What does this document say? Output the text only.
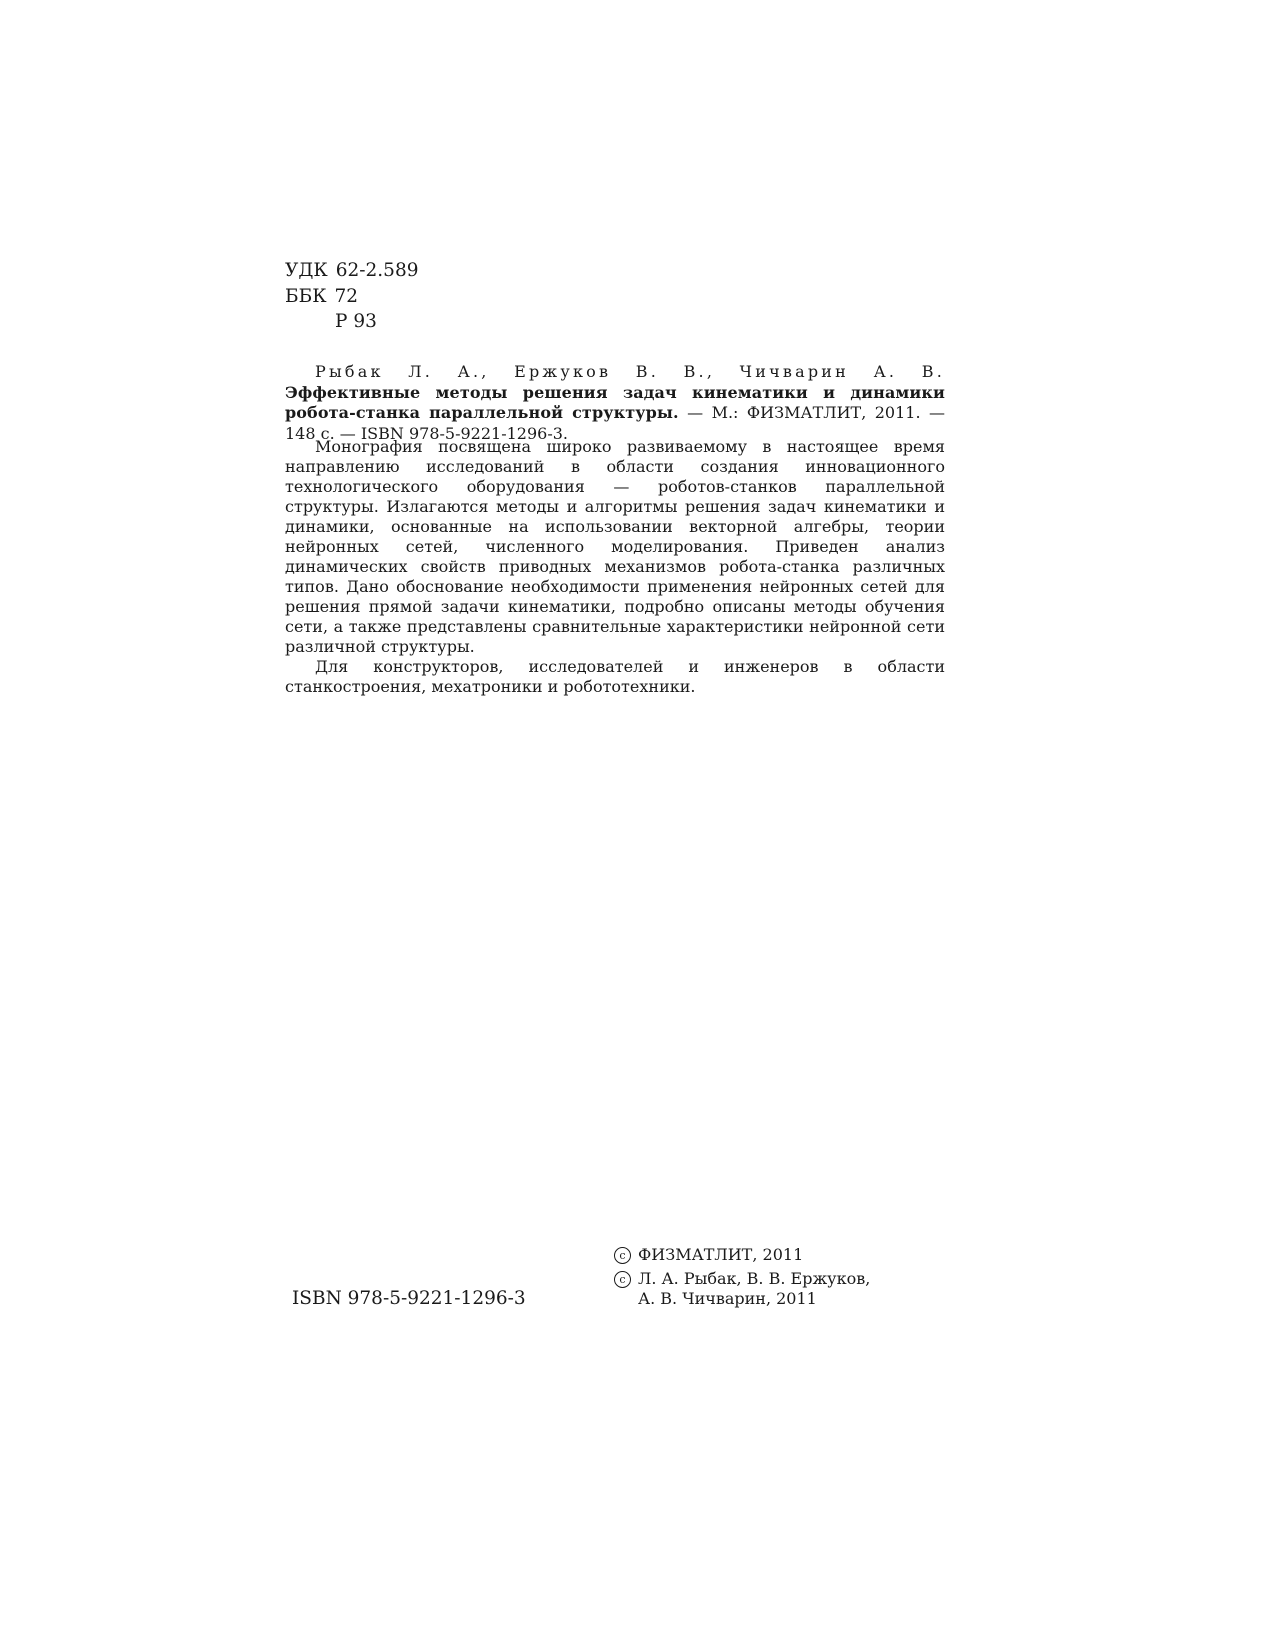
УДК 62-2.589
ББК 72
Р 93
Рыбак Л. А., Ержуков В. В., Чичварин А. В. Эффективные методы решения задач кинематики и динамики робота-станка параллельной структуры. — М.: ФИЗМАТЛИТ, 2011. — 148 с. — ISBN 978-5-9221-1296-3.

Монография посвящена широко развиваемому в настоящее время направлению исследований в области создания инновационного технологического оборудования — роботов-станков параллельной структуры. Излагаются методы и алгоритмы решения задач кинематики и динамики, основанные на использовании векторной алгебры, теории нейронных сетей, численного моделирования. Приведен анализ динамических свойств приводных механизмов робота-станка различных типов. Дано обоснование необходимости применения нейронных сетей для решения прямой задачи кинематики, подробно описаны методы обучения сети, а также представлены сравнительные характеристики нейронной сети различной структуры.

Для конструкторов, исследователей и инженеров в области станкостроения, мехатроники и робототехники.

ISBN 978-5-9221-1296-3
c ФИЗМАТЛИТ, 2011
c Л. А. Рыбак, В. В. Ержуков,
А. В. Чичварин, 2011
